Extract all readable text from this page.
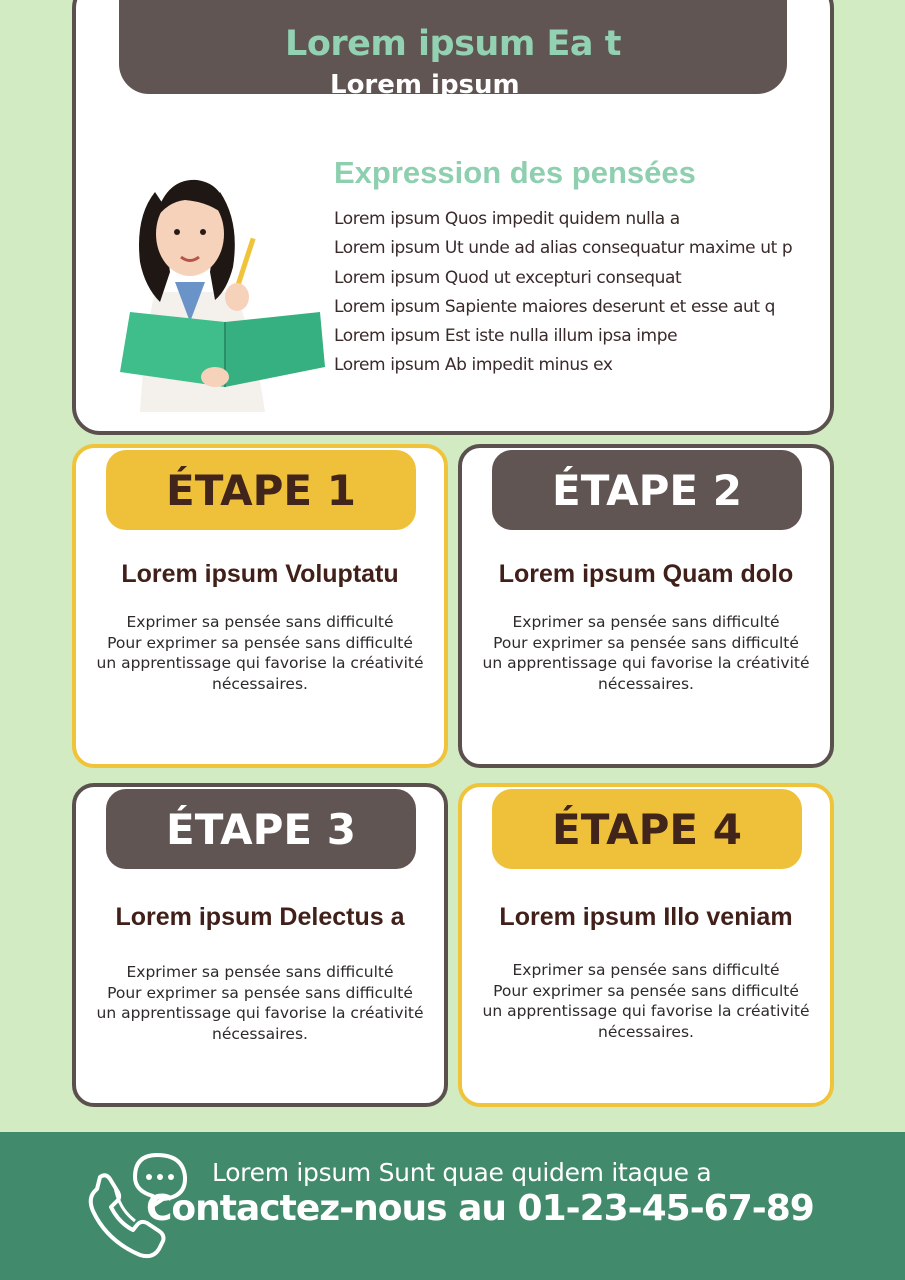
Lorem ipsum Ea t
Lorem ipsum
Expression des pensées
Lorem ipsum Quos impedit quidem nulla a
Lorem ipsum Ut unde ad alias consequatur maxime ut p
Lorem ipsum Quod ut excepturi consequat
Lorem ipsum Sapiente maiores deserunt et esse aut q
Lorem ipsum Est iste nulla illum ipsa impe
Lorem ipsum Ab impedit minus ex
ÉTAPE 1
Lorem ipsum Voluptatu
Exprimer sa pensée sans difficulté
Pour exprimer sa pensée sans difficulté
un apprentissage qui favorise la créativité
nécessaires.
ÉTAPE 2
Lorem ipsum Quam dolo
Exprimer sa pensée sans difficulté
Pour exprimer sa pensée sans difficulté
un apprentissage qui favorise la créativité
nécessaires.
ÉTAPE 3
Lorem ipsum Delectus a
Exprimer sa pensée sans difficulté
Pour exprimer sa pensée sans difficulté
un apprentissage qui favorise la créativité
nécessaires.
ÉTAPE 4
Lorem ipsum Illo veniam
Exprimer sa pensée sans difficulté
Pour exprimer sa pensée sans difficulté
un apprentissage qui favorise la créativité
nécessaires.
Lorem ipsum Sunt quae quidem itaque a
Contactez-nous au 01-23-45-67-89
